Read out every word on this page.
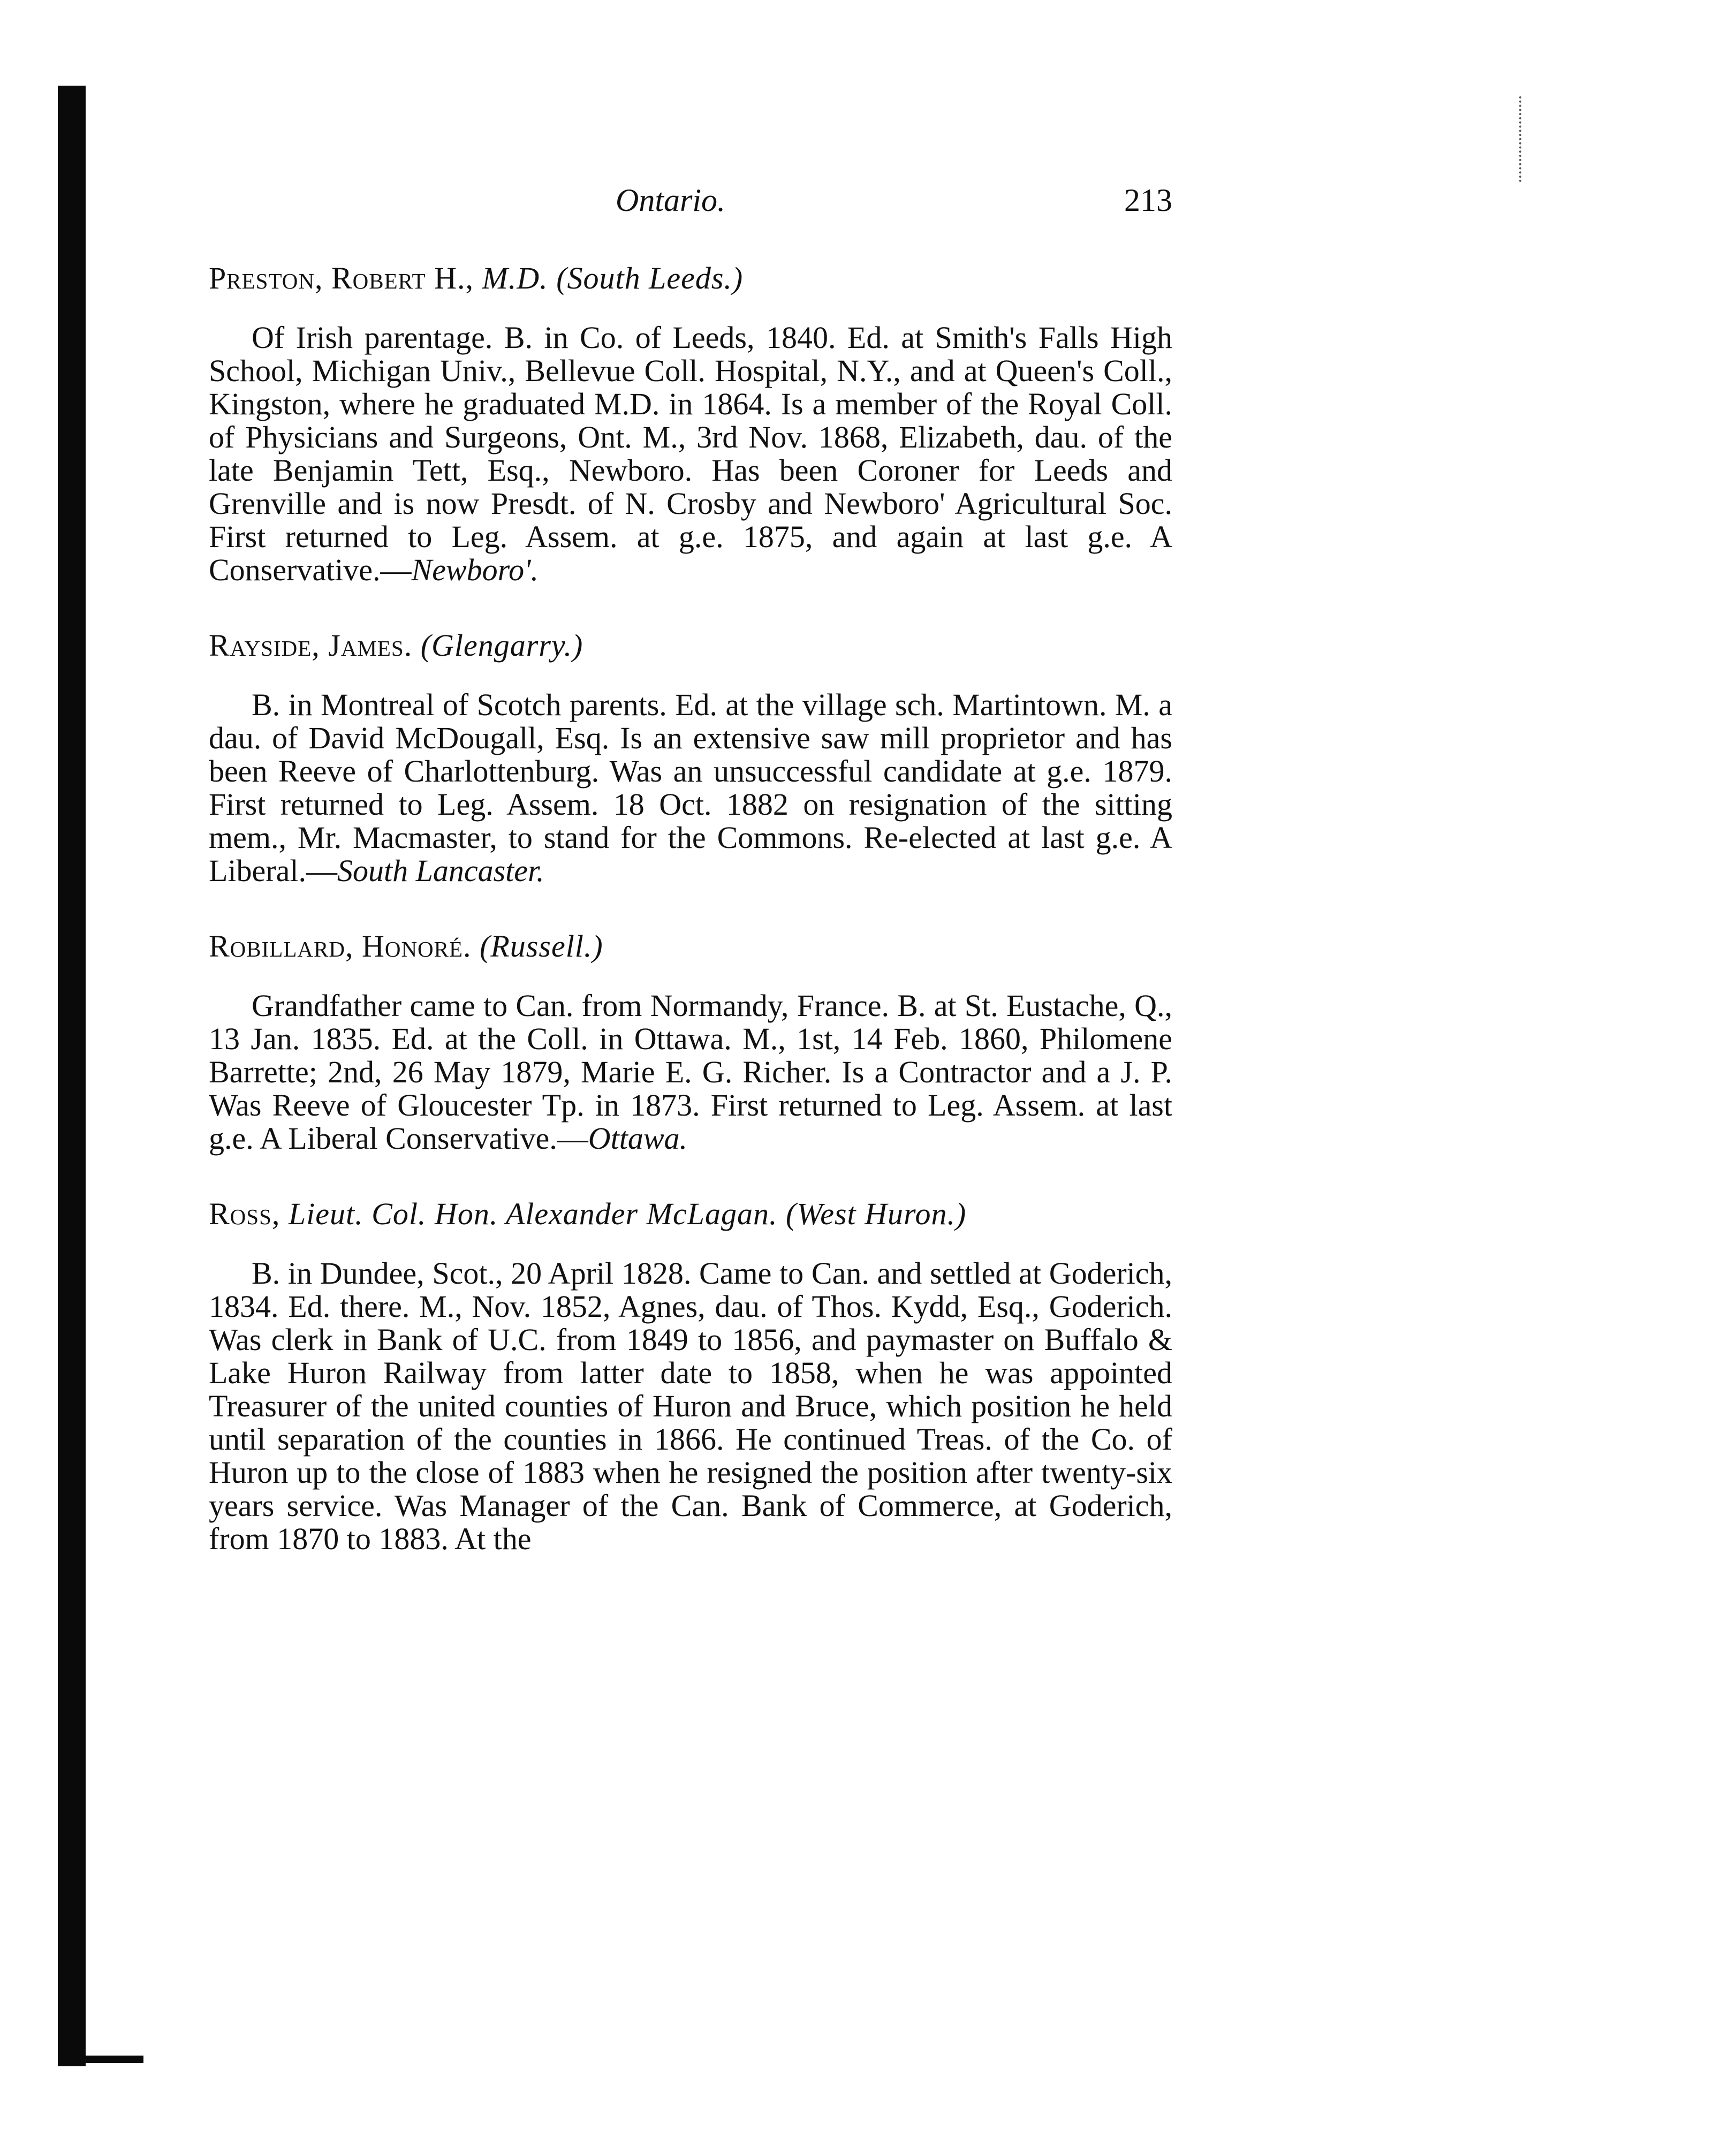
Ontario.	213

Preston, Robert H., M.D. (South Leeds.)

Of Irish parentage. B. in Co. of Leeds, 1840. Ed. at Smith's Falls High School, Michigan Univ., Bellevue Coll. Hospital, N.Y., and at Queen's Coll., Kingston, where he graduated M.D. in 1864. Is a member of the Royal Coll. of Physicians and Surgeons, Ont. M., 3rd Nov. 1868, Elizabeth, dau. of the late Benjamin Tett, Esq., Newboro. Has been Coroner for Leeds and Grenville and is now Presdt. of N. Crosby and Newboro' Agricultural Soc. First returned to Leg. Assem. at g.e. 1875, and again at last g.e. A Conservative.—Newboro'.

Rayside, James. (Glengarry.)

B. in Montreal of Scotch parents. Ed. at the village sch. Martintown. M. a dau. of David McDougall, Esq. Is an extensive saw mill proprietor and has been Reeve of Charlottenburg. Was an unsuccessful candidate at g.e. 1879. First returned to Leg. Assem. 18 Oct. 1882 on resignation of the sitting mem., Mr. Macmaster, to stand for the Commons. Re-elected at last g.e. A Liberal.—South Lancaster.

Robillard, Honoré. (Russell.)

Grandfather came to Can. from Normandy, France. B. at St. Eustache, Q., 13 Jan. 1835. Ed. at the Coll. in Ottawa. M., 1st, 14 Feb. 1860, Philomene Barrette; 2nd, 26 May 1879, Marie E. G. Richer. Is a Contractor and a J. P. Was Reeve of Gloucester Tp. in 1873. First returned to Leg. Assem. at last g.e. A Liberal Conservative.—Ottawa.

Ross, Lieut. Col. Hon. Alexander McLagan. (West Huron.)

B. in Dundee, Scot., 20 April 1828. Came to Can. and settled at Goderich, 1834. Ed. there. M., Nov. 1852, Agnes, dau. of Thos. Kydd, Esq., Goderich. Was clerk in Bank of U.C. from 1849 to 1856, and paymaster on Buffalo & Lake Huron Railway from latter date to 1858, when he was appointed Treasurer of the united counties of Huron and Bruce, which position he held until separation of the counties in 1866. He continued Treas. of the Co. of Huron up to the close of 1883 when he resigned the position after twenty-six years service. Was Manager of the Can. Bank of Commerce, at Goderich, from 1870 to 1883. At the
